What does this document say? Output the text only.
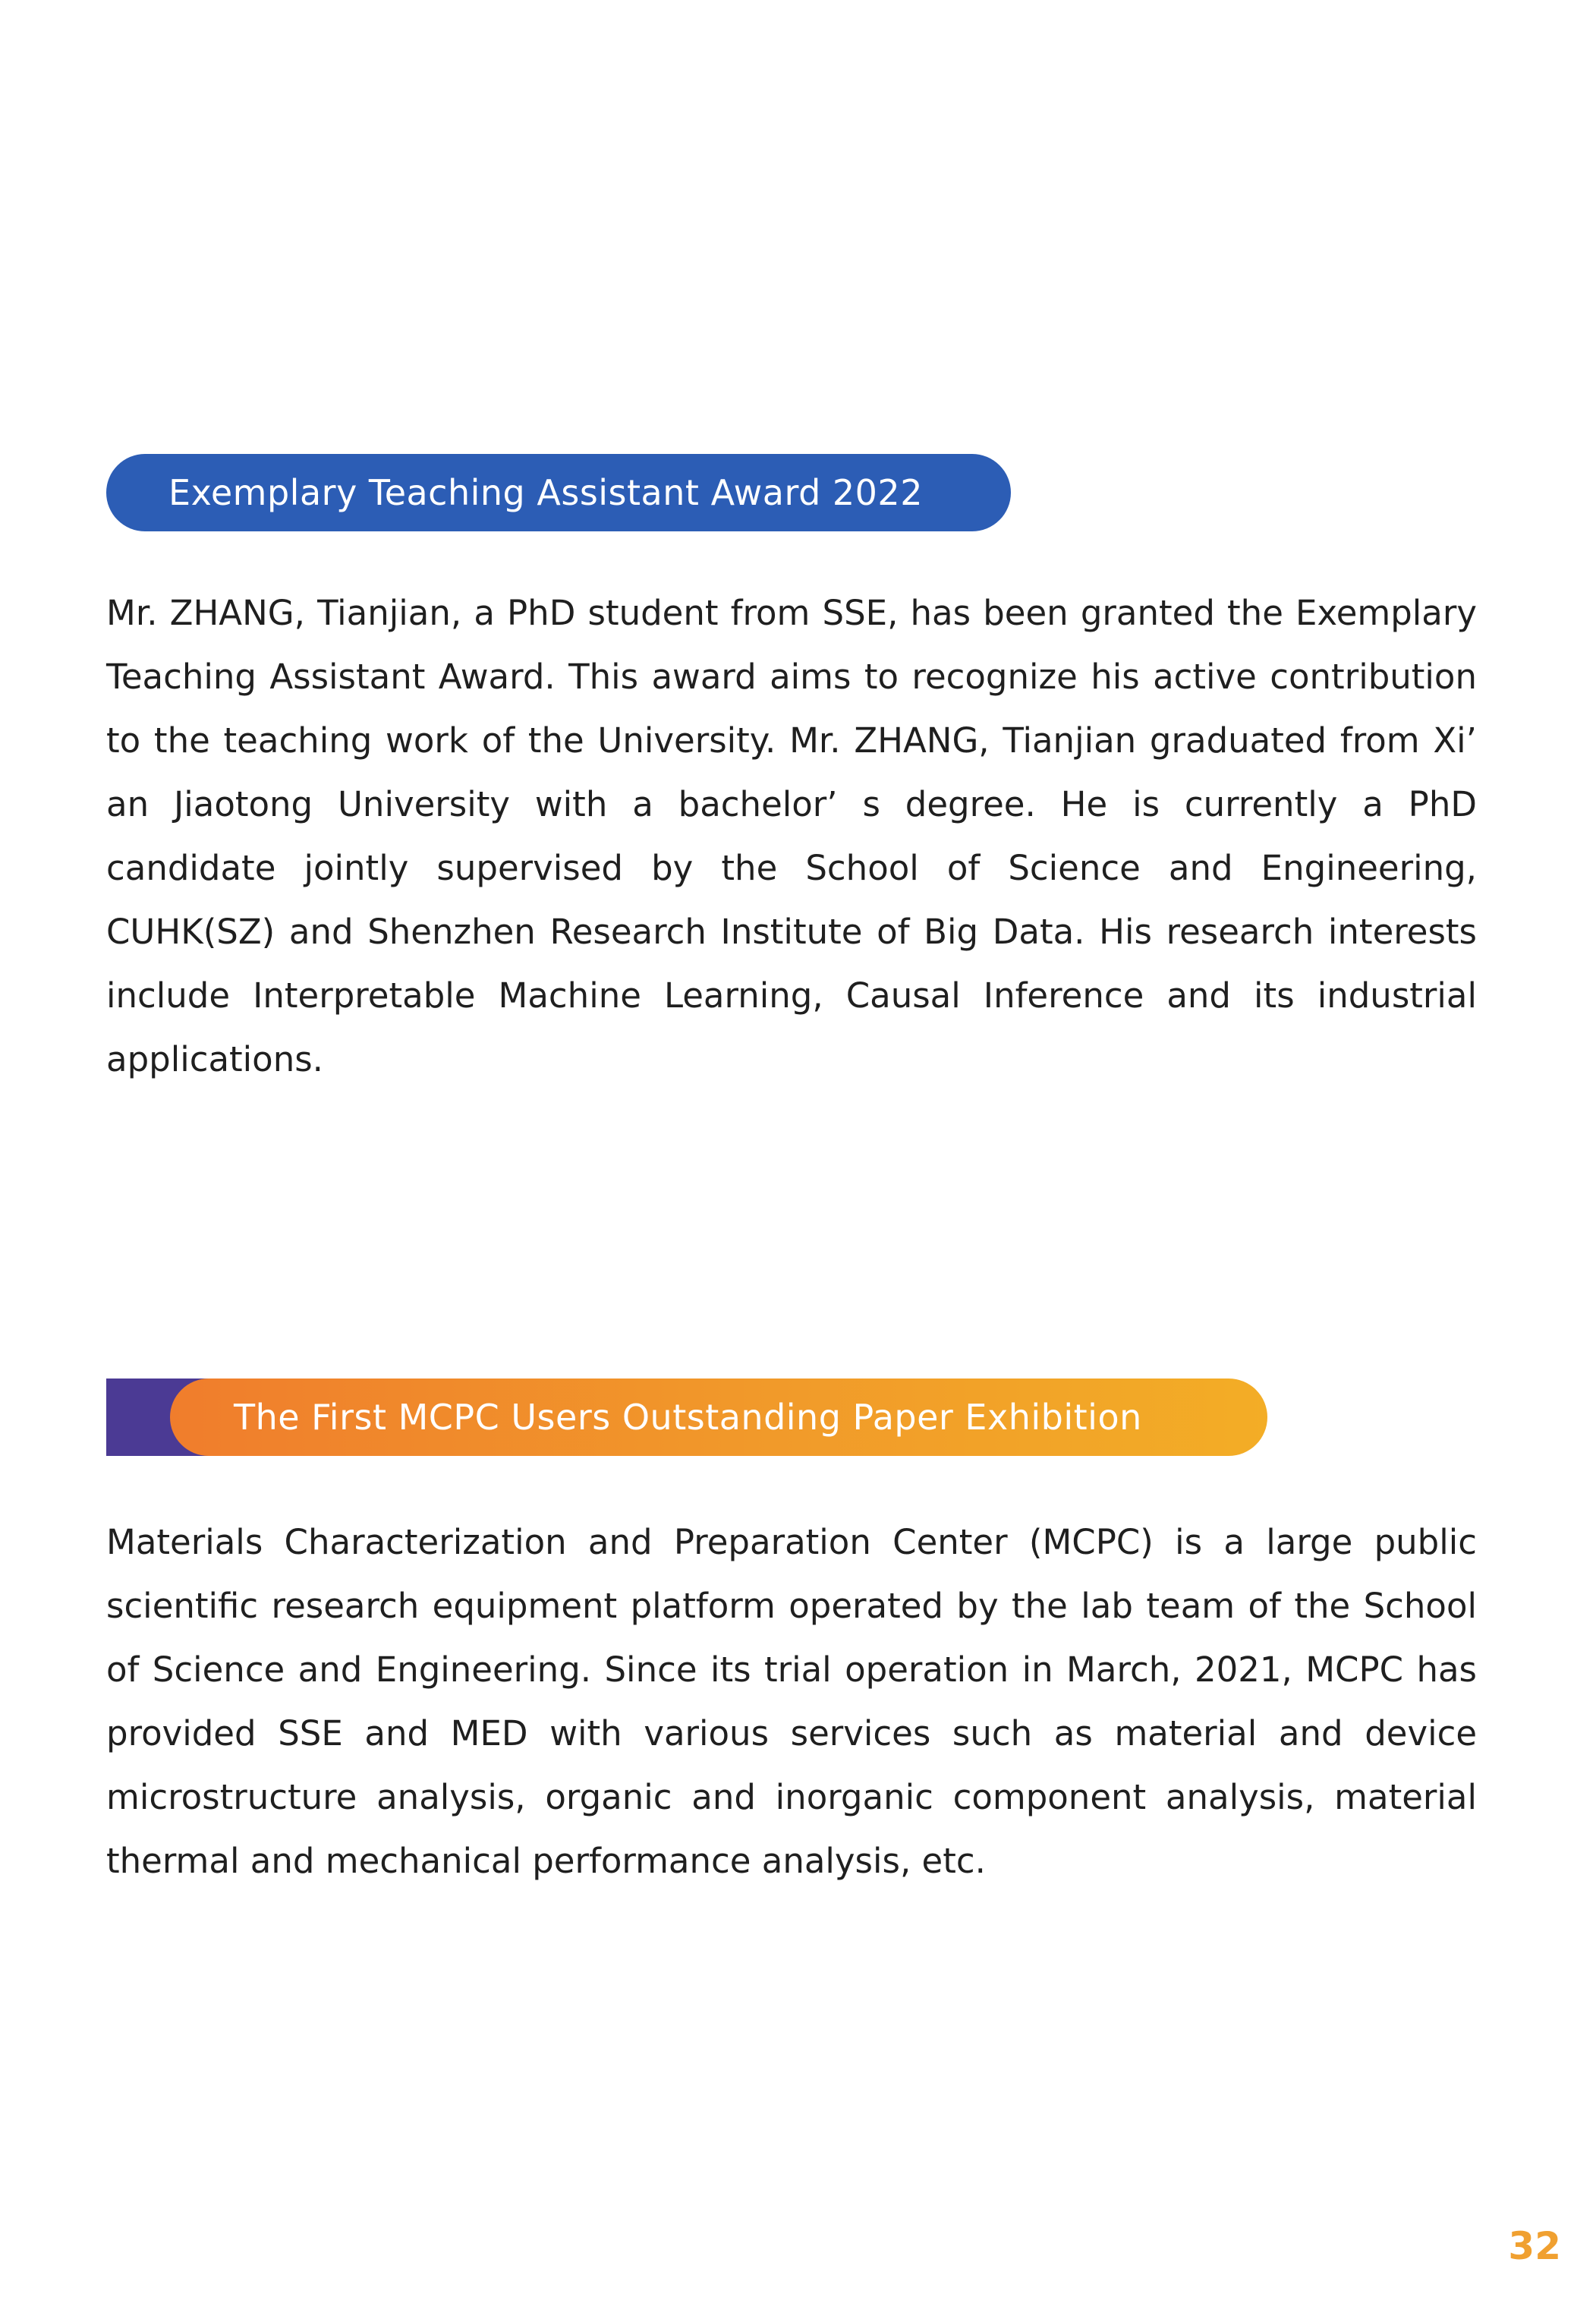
Exemplary Teaching Assistant Award 2022

Mr. ZHANG, Tianjian, a PhD student from SSE, has been granted the Exemplary Teaching Assistant Award. This award aims to recognize his active contribution to the teaching work of the University. Mr. ZHANG, Tianjian graduated from Xi’ an Jiaotong University with a bachelor’ s degree. He is currently a PhD candidate jointly supervised by the School of Science and Engineering, CUHK(SZ) and Shenzhen Research Institute of Big Data. His research interests include Interpretable Machine Learning, Causal Inference and its industrial applications.

The First MCPC Users Outstanding Paper Exhibition

Materials Characterization and Preparation Center (MCPC) is a large public scientific research equipment platform operated by the lab team of the School of Science and Engineering. Since its trial operation in March, 2021, MCPC has provided SSE and MED with various services such as material and device microstructure analysis, organic and inorganic component analysis, material thermal and mechanical performance analysis, etc.

32
